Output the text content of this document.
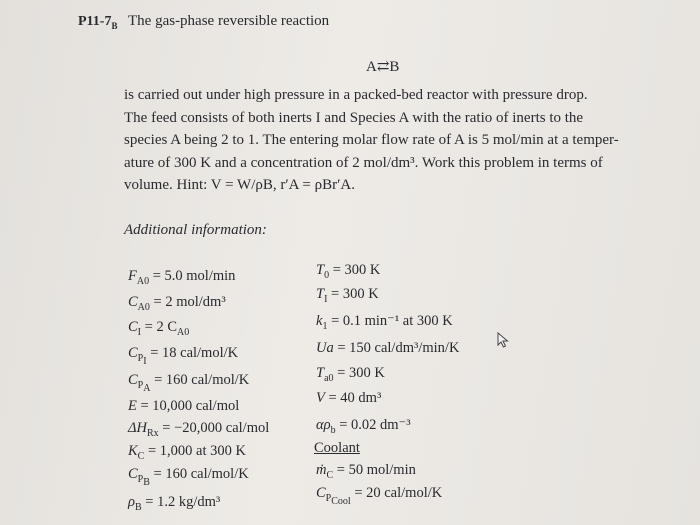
$P11-7_B$ The gas-phase reversible reaction
A⇄B
is carried out under high pressure in a packed-bed reactor with pressure drop.
The feed consists of both inerts I and Species A with the ratio of inerts to the
species A being 2 to 1. The entering molar flow rate of A is 5 mol/min at a temper-
ature of 300 K and a concentration of 2 mol/dm³. Work this problem in terms of
volume. Hint: V = W/ρB, r′A = ρBr′A.
Additional information:
$F_{A0} = 5.0$ mol/min
$C_{A0} = 2$ mol/dm³
$C_I = 2$ $C_{A0}$
$C_{P_I} = 18$ cal/mol/K
$C_{P_A} = 160$ cal/mol/K
E = 10,000 cal/mol
$\Delta H_{Rx} = -20,000$ cal/mol
$K_C = 1,000$ at 300 K
$C_{P_B} = 160$ cal/mol/K
$\rho_B = 1.2$ kg/dm³
$T_0 = 300$ K
$T_I = 300$ K
$k_1 = 0.1$ min⁻¹ at 300 K
Ua = 150 cal/dm³/min/K
$T_{a0} = 300$ K
V = 40 dm³
$\alpha\rho_b = 0.02$ dm⁻³
Coolant
ṁ$_C$ = 50 mol/min
$C_{P_{Cool}} = 20$ cal/mol/K
